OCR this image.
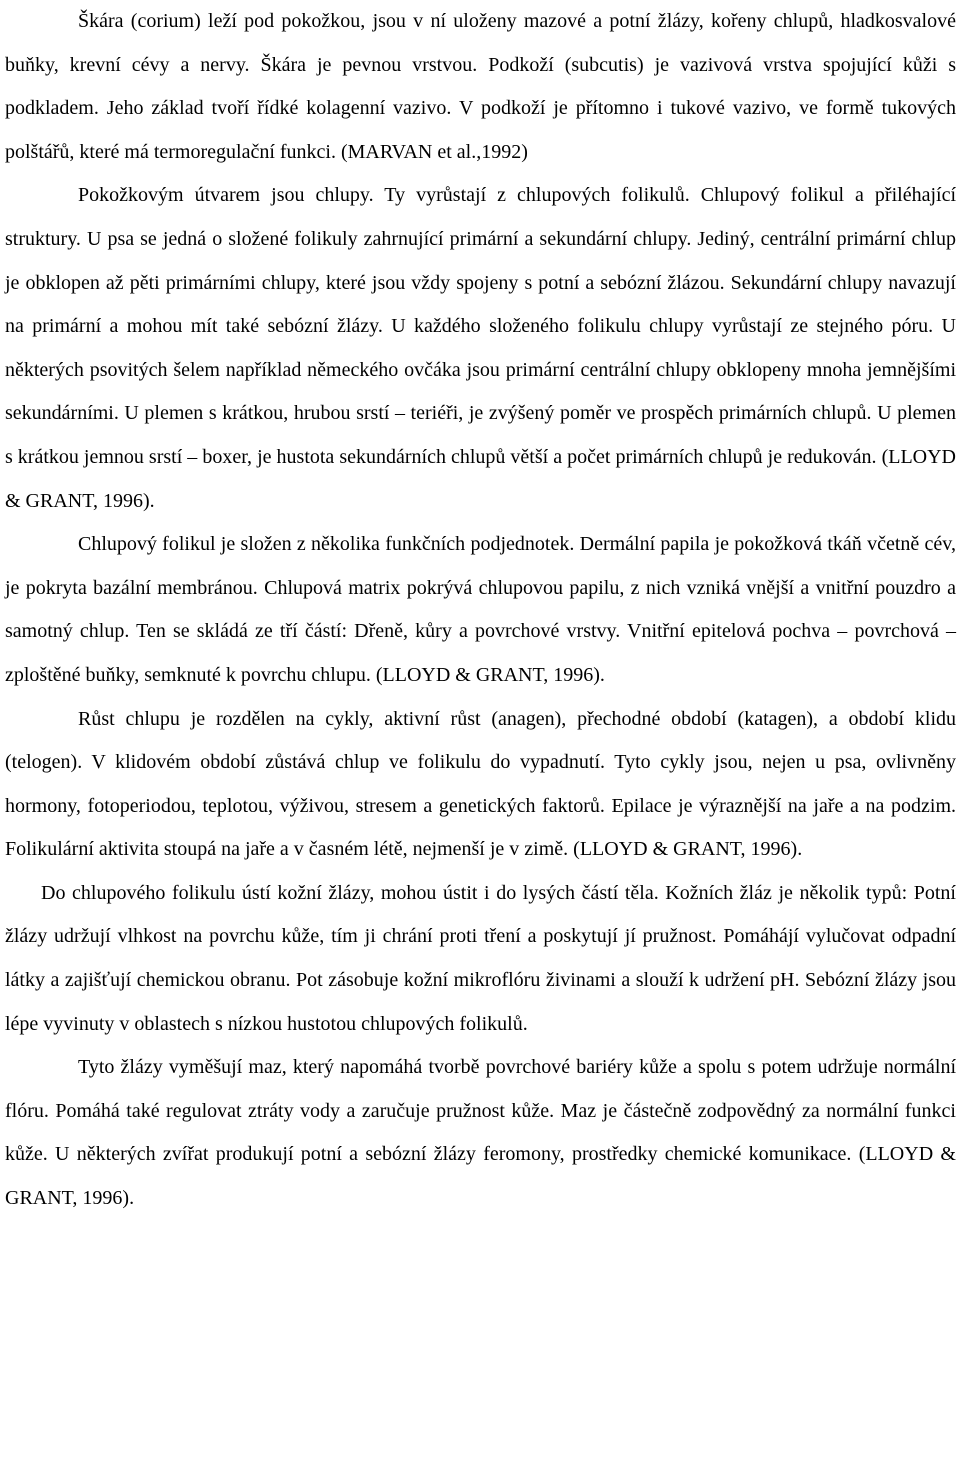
Škára (corium) leží pod pokožkou, jsou v ní uloženy mazové a potní žlázy, kořeny chlupů, hladkosvalové buňky, krevní cévy a nervy. Škára je pevnou vrstvou. Podkoží (subcutis) je vazivová vrstva spojující kůži s podkladem. Jeho základ tvoří řídké kolagenní vazivo. V podkoží je přítomno i tukové vazivo, ve formě tukových polštářů, které má termoregulační funkci. (MARVAN et al.,1992)

Pokožkovým útvarem jsou chlupy. Ty vyrůstají z chlupových folikulů. Chlupový folikul a přiléhající struktury. U psa se jedná o složené folikuly zahrnující primární a sekundární chlupy. Jediný, centrální primární chlup je obklopen až pěti primárními chlupy, které jsou vždy spojeny s potní a sebózní žlázou. Sekundární chlupy navazují na primární a mohou mít také sebózní žlázy. U každého složeného folikulu chlupy vyrůstají ze stejného póru. U některých psovitých šelem například německého ovčáka jsou primární centrální chlupy obklopeny mnoha jemnějšími sekundárními. U plemen s krátkou, hrubou srstí – teriéři, je zvýšený poměr ve prospěch primárních chlupů. U plemen s krátkou jemnou srstí – boxer, je hustota sekundárních chlupů větší a počet primárních chlupů je redukován. (LLOYD & GRANT, 1996).

Chlupový folikul je složen z několika funkčních podjednotek. Dermální papila je pokožková tkáň včetně cév, je pokryta bazální membránou. Chlupová matrix pokrývá chlupovou papilu, z nich vzniká vnější a vnitřní pouzdro a samotný chlup. Ten se skládá ze tří částí: Dřeně, kůry a povrchové vrstvy. Vnitřní epitelová pochva – povrchová – zploštěné buňky, semknuté k povrchu chlupu. (LLOYD & GRANT, 1996).

Růst chlupu je rozdělen na cykly, aktivní růst (anagen), přechodné období (katagen), a období klidu (telogen). V klidovém období zůstává chlup ve folikulu do vypadnutí. Tyto cykly jsou, nejen u psa, ovlivněny hormony, fotoperiodou, teplotou, výživou, stresem a genetických faktorů. Epilace je výraznější na jaře a na podzim. Folikulární aktivita stoupá na jaře a v časném létě, nejmenší je v zimě. (LLOYD & GRANT, 1996).

Do chlupového folikulu ústí kožní žlázy, mohou ústit i do lysých částí těla. Kožních žláz je několik typů: Potní žlázy udržují vlhkost na povrchu kůže, tím ji chrání proti tření a poskytují jí pružnost. Pomáhájí vylučovat odpadní látky a zajišťují chemickou obranu. Pot zásobuje kožní mikroflóru živinami a slouží k udržení pH. Sebózní žlázy jsou lépe vyvinuty v oblastech s nízkou hustotou chlupových folikulů.

Tyto žlázy vyměšují maz, který napomáhá tvorbě povrchové bariéry kůže a spolu s potem udržuje normální flóru. Pomáhá také regulovat ztráty vody a zaručuje pružnost kůže. Maz je částečně zodpovědný za normální funkci kůže. U některých zvířat produkují potní a sebózní žlázy feromony, prostředky chemické komunikace. (LLOYD & GRANT, 1996).
